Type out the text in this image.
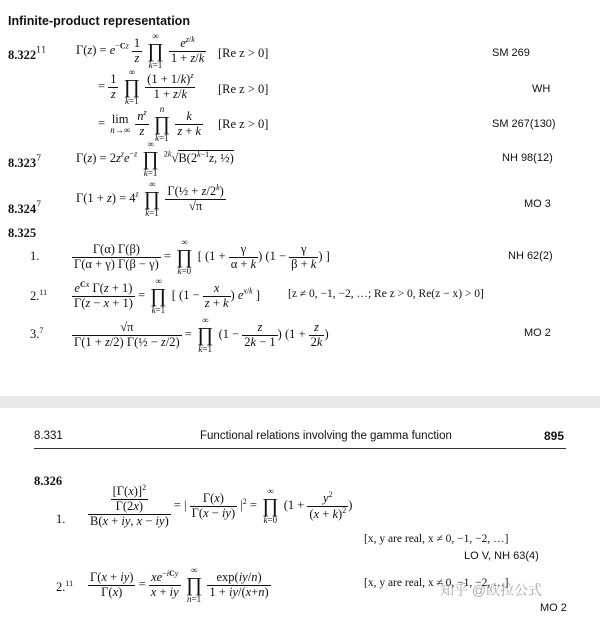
Infinite-product representation
8.322$^{11}$ $\Gamma(z) = e^{-Cz} \frac{1}{z}$

∞
∏
k=1
$\frac{e^{z/k}}{1 + z/k} [Re$ z > 0]	SM 269
= $\frac{1}{z}$

∞
∏
k=1
$\frac{(1 + 1/k)^z}{1 + z/k} [Re$ z > 0]	WH
= lim
n→∞
$\frac{n^z}{z}$

n
∏
k=1
$\frac{k}{z + k} [Re$ z > 0]	SM 267(130)
8.323$^7$	$\Gamma(z) = 2z^ze^{-z}$
∞
∏
k=1
$^{2k}√B(2^{k-1}z$, ½)	NH 98(12)
8.324$^7$	$\Gamma(1 + z) = 4^z$
∞
∏
k=1
$\frac{\Gamma(\frac{1}{2} + z/2^k)}{√\pi}$	MO 3
8.325
1.	$\frac{\Gamma(\alpha) \Gamma(\beta)}{\Gamma(\alpha + \gamma) \Gamma(\beta - \gamma)}$ =
∞
∏
k=0
[ ($1 + \frac{\gamma}{\alpha + k}$ ) ($1 - \frac{\gamma}{\beta + k}$ ) ]	NH 62(2)
$2.11 \frac{e^{Cx} \Gamma(z + 1)}{\Gamma(z - x + 1)}$ =
∞
∏
k=1
[ ($1 - \frac{x}{z + k}$ ) $e^{x/k}$ ] [z ≠ 0, −1, −2, …; Re z > 0, Re(z − x) > 0]
$3.^7 \frac{√\pi}{\text{Γ(1 + z/2) Γ(½ − z/2)}}$ =
∞
∏
k=1
($1 - \frac{z}{2k - 1}$ ) ($1 + \frac{z}{2k}$ )	MO 2
8.331	Functional relations involving the gamma function	895
8.326
1. $\frac{\frac{[\Gamma(x)]^2}{\Gamma(2x)}}{B(x + iy, x - iy)}$ = | $\frac{\Gamma(x)}{\Gamma(x - iy)} |^2$ =
∞
∏
k=0
($1 + \frac{y^2}{(x + k)^2}$ )
[x, y are real, x ≠ 0, −1, −2, …]
LO V, NH 63(4)
$2.11 \frac{\Gamma(x + iy)}{\Gamma(x)} = \frac{xe^{-iCy}}{x + iy}$

∞
∏
n=1
$\frac{\exp(iy/n)}{1 + iy/(x+n)}$	[x, y are real, x ≠ 0, −1, −2, …]
MO 2
知乎 @欧拉公式
